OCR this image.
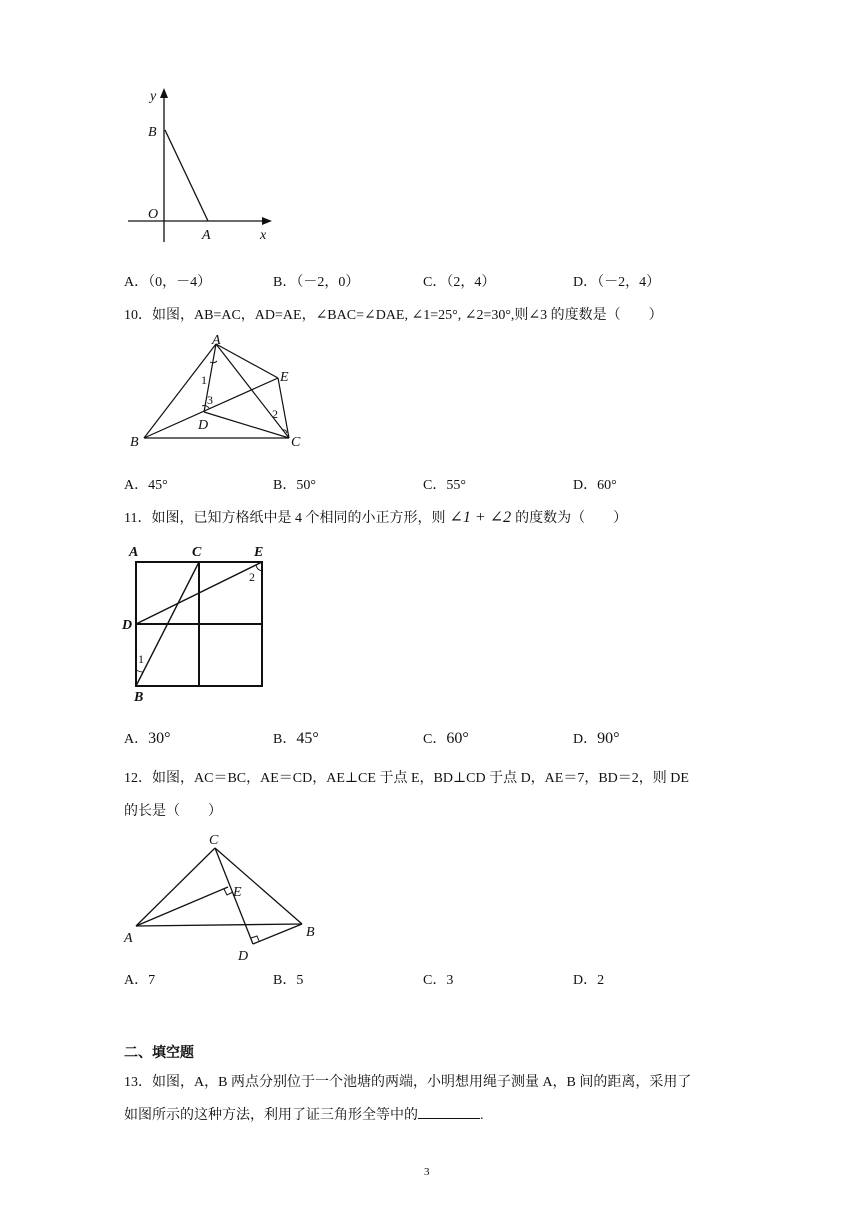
y
B
O
A	x
A．（0，－4）	B．（－2，0）	C．（2，4）	D．（－2，4）
10．如图，AB=AC，AD=AE，∠BAC=∠DAE, ∠1=25°, ∠2=30°,则∠3 的度数是（　　）
A
E
D
B	C
1
2
3
A．45°	B．50°	C．55°	D．60°
11．如图，已知方格纸中是 4 个相同的小正方形，则 ∠1 + ∠2 的度数为（　　）
A	C	E
D
B
1
2
A．30°	B．45°	C．60°	D．90°
12．如图，AC＝BC，AE＝CD，AE⊥CE 于点 E，BD⊥CD 于点 D，AE＝7，BD＝2，则 DE
的长是（　　）
C
E
A	B
D
A．7	B．5	C．3	D．2
二、填空题
13．如图，A，B 两点分别位于一个池塘的两端，小明想用绳子测量 A，B 间的距离，采用了
如图所示的这种方法，利用了证三角形全等中的	.
3
